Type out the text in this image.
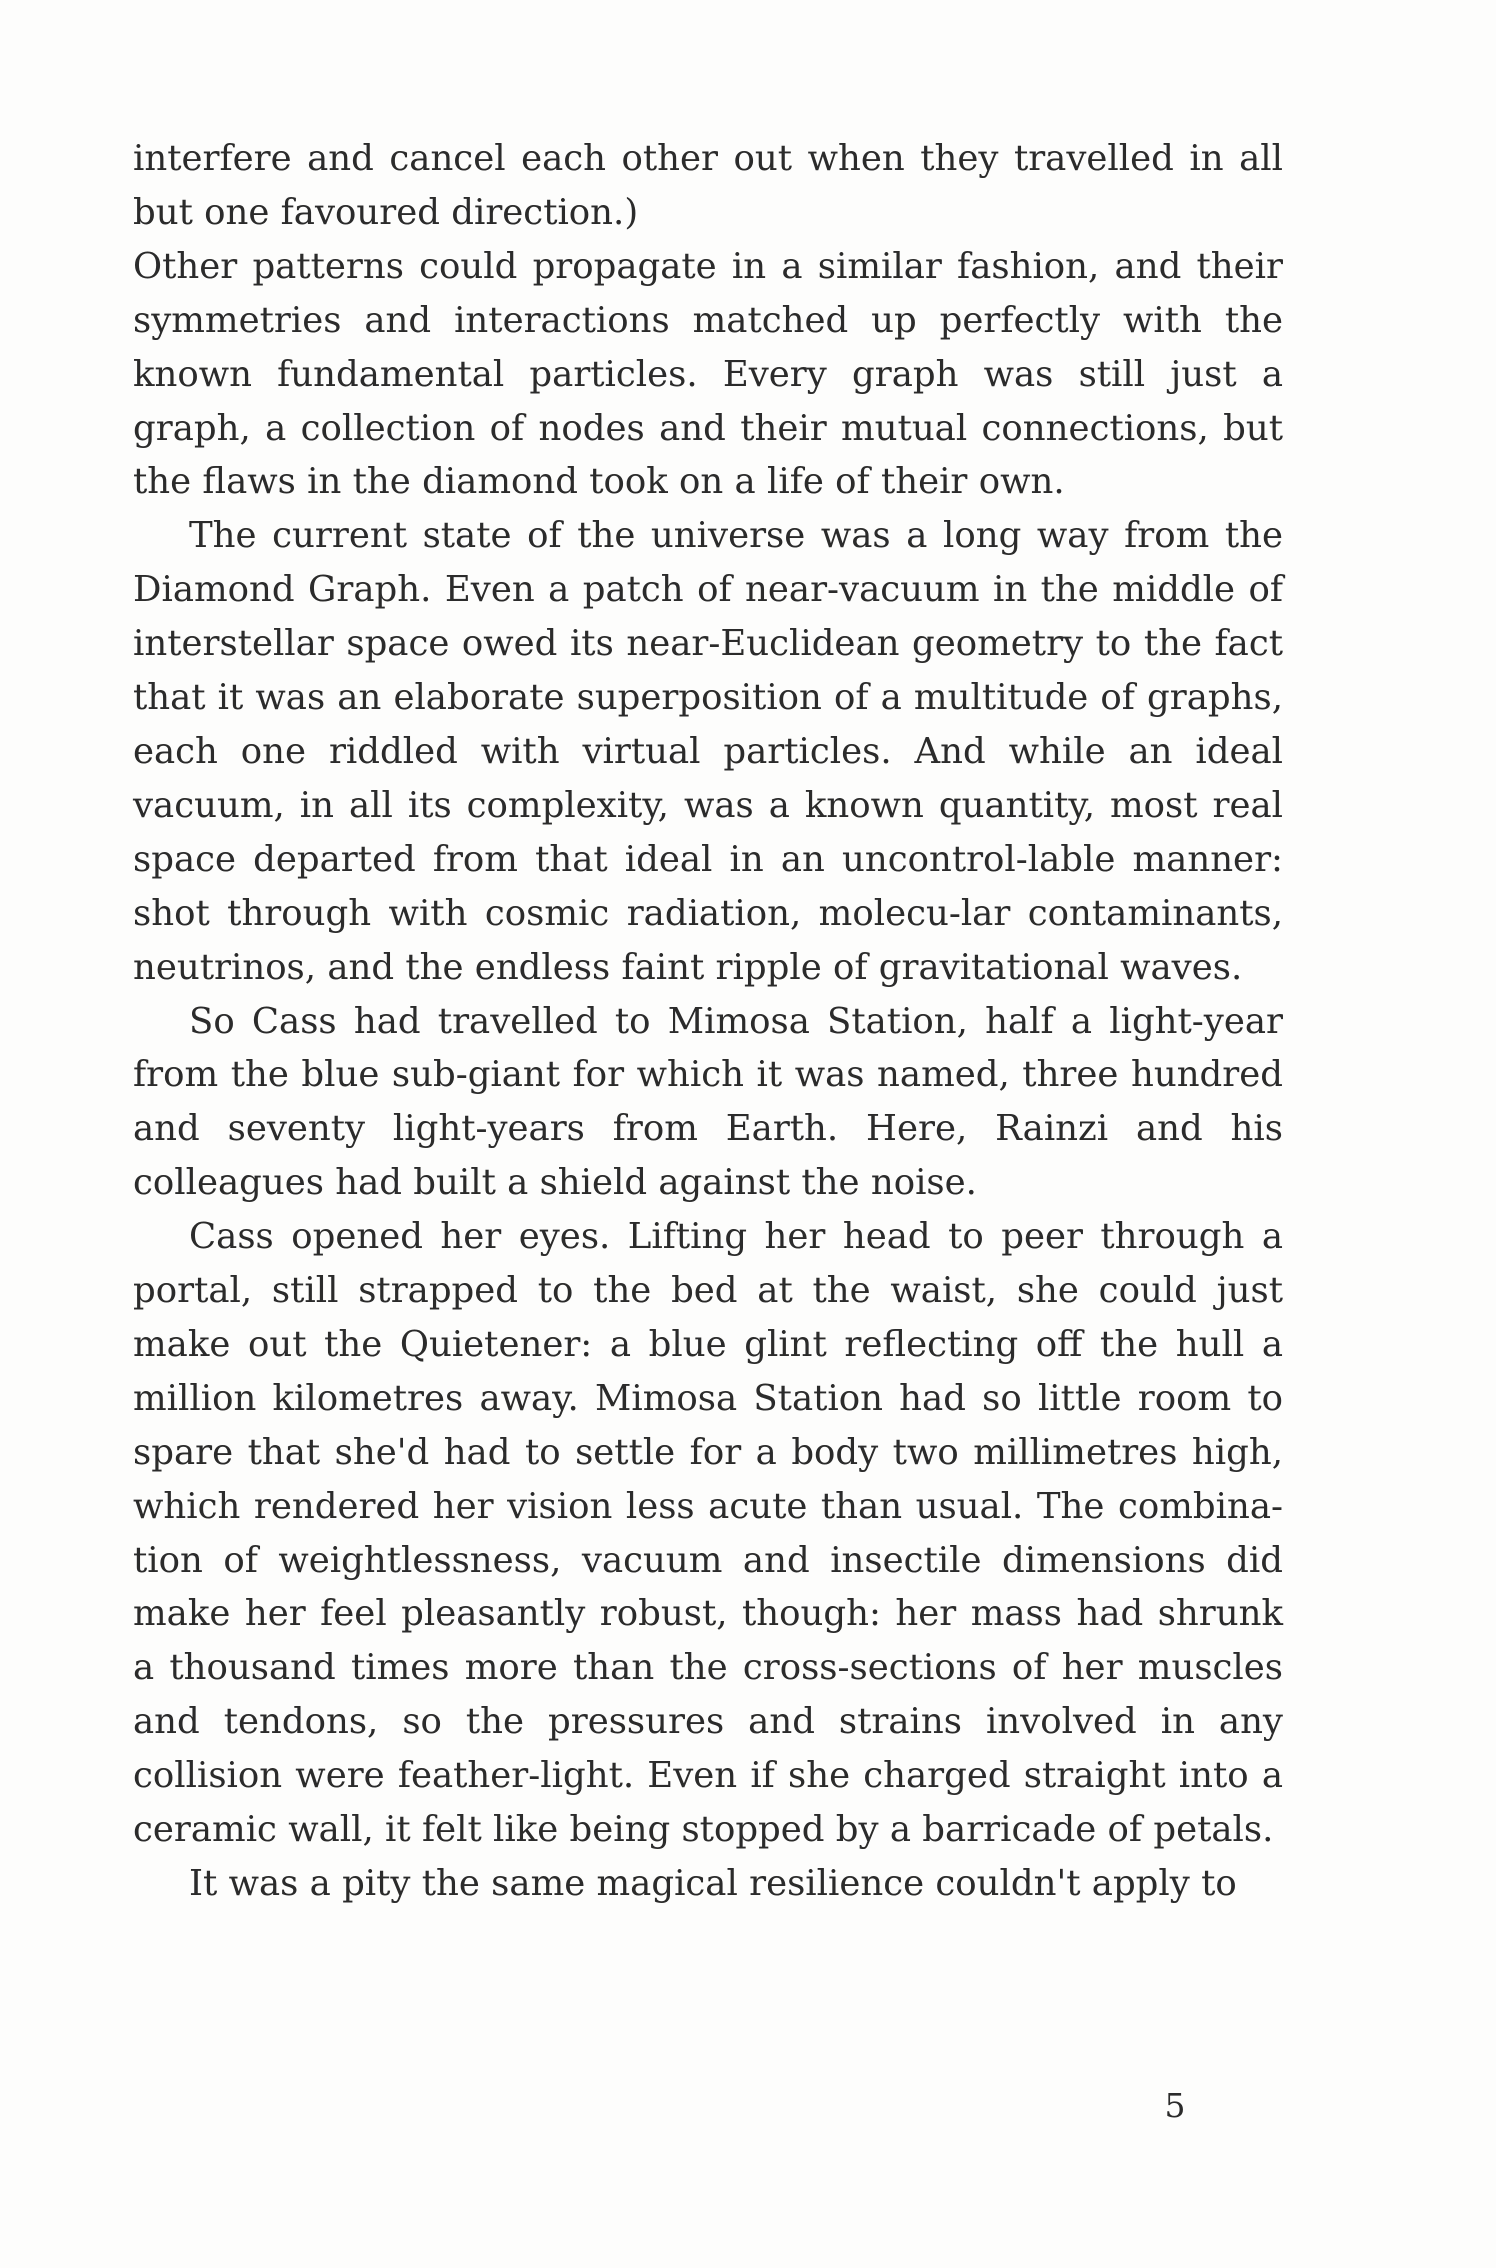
interfere and cancel each other out when they travelled in all but one favoured direction.)

Other patterns could propagate in a similar fashion, and their symmetries and interactions matched up perfectly with the known fundamental particles. Every graph was still just a graph, a collection of nodes and their mutual connections, but the flaws in the diamond took on a life of their own.

The current state of the universe was a long way from the Diamond Graph. Even a patch of near-vacuum in the middle of interstellar space owed its near-Euclidean geometry to the fact that it was an elaborate superposition of a multitude of graphs, each one riddled with virtual particles. And while an ideal vacuum, in all its complexity, was a known quantity, most real space departed from that ideal in an uncontrol-lable manner: shot through with cosmic radiation, molecu-lar contaminants, neutrinos, and the endless faint ripple of gravitational waves.

So Cass had travelled to Mimosa Station, half a light-year from the blue sub-giant for which it was named, three hundred and seventy light-years from Earth. Here, Rainzi and his colleagues had built a shield against the noise.

Cass opened her eyes. Lifting her head to peer through a portal, still strapped to the bed at the waist, she could just make out the Quietener: a blue glint reflecting off the hull a million kilometres away. Mimosa Station had so little room to spare that she'd had to settle for a body two millimetres high, which rendered her vision less acute than usual. The combina-tion of weightlessness, vacuum and insectile dimensions did make her feel pleasantly robust, though: her mass had shrunk a thousand times more than the cross-sections of her muscles and tendons, so the pressures and strains involved in any collision were feather-light. Even if she charged straight into a ceramic wall, it felt like being stopped by a barricade of petals.

It was a pity the same magical resilience couldn't apply to

5
